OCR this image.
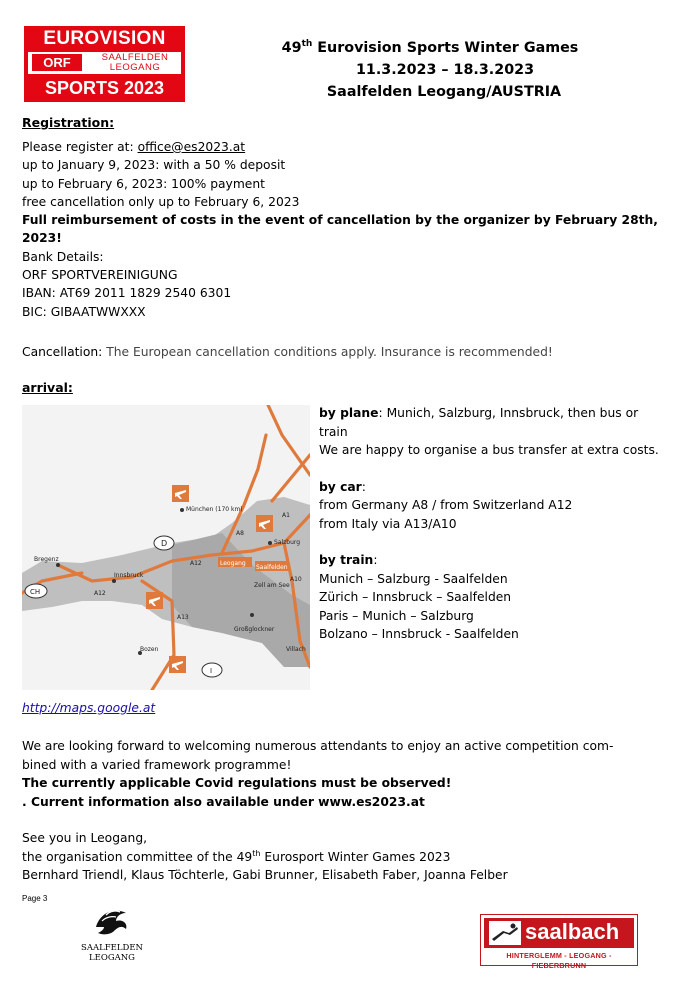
EUROVISION
ORF	SAALFELDEN
LEOGANG
SPORTS 2023
49th Eurovision Sports Winter Games
11.3.2023 – 18.3.2023
Saalfelden Leogang/AUSTRIA
Registration:
Please register at: office@es2023.at
up to January 9, 2023: with a 50 % deposit
up to February 6, 2023: 100% payment
free cancellation only up to February 6, 2023
Full reimbursement of costs in the event of cancellation by the organizer by February 28th, 2023!
Bank Details:
ORF SPORTVEREINIGUNG
IBAN: AT69 2011 1829 2540 6301
BIC: GIBAATWWXXX
Cancellation: The European cancellation conditions apply. Insurance is recommended!
arrival:
München (170 km)
Salzburg
Leogang
Saalfelden
Zell am See
Großglockner
Innsbruck
Bregenz
Bozen	Villach
D
CH
I
A1
A8
A10
A12
A12
A13
by plane: Munich, Salzburg, Innsbruck, then bus or train
We are happy to organise a bus transfer at extra costs.
by car:
from Germany A8 / from Switzerland A12
from Italy via A13/A10
by train:
Munich – Salzburg - Saalfelden
Zürich – Innsbruck – Saalfelden
Paris – Munich – Salzburg
Bolzano – Innsbruck - Saalfelden
http://maps.google.at
We are looking forward to welcoming numerous attendants to enjoy an active competition com-
bined with a varied framework programme!
The currently applicable Covid regulations must be observed!
. Current information also available under www.es2023.at
See you in Leogang,
the organisation committee of the 49th Eurosport Winter Games 2023
Bernhard Triendl, Klaus Töchterle, Gabi Brunner, Elisabeth Faber, Joanna Felber
Page 3
SAALFELDEN
LEOGANG
saalbach
HINTERGLEMM - LEOGANG - FIEBERBRUNN
